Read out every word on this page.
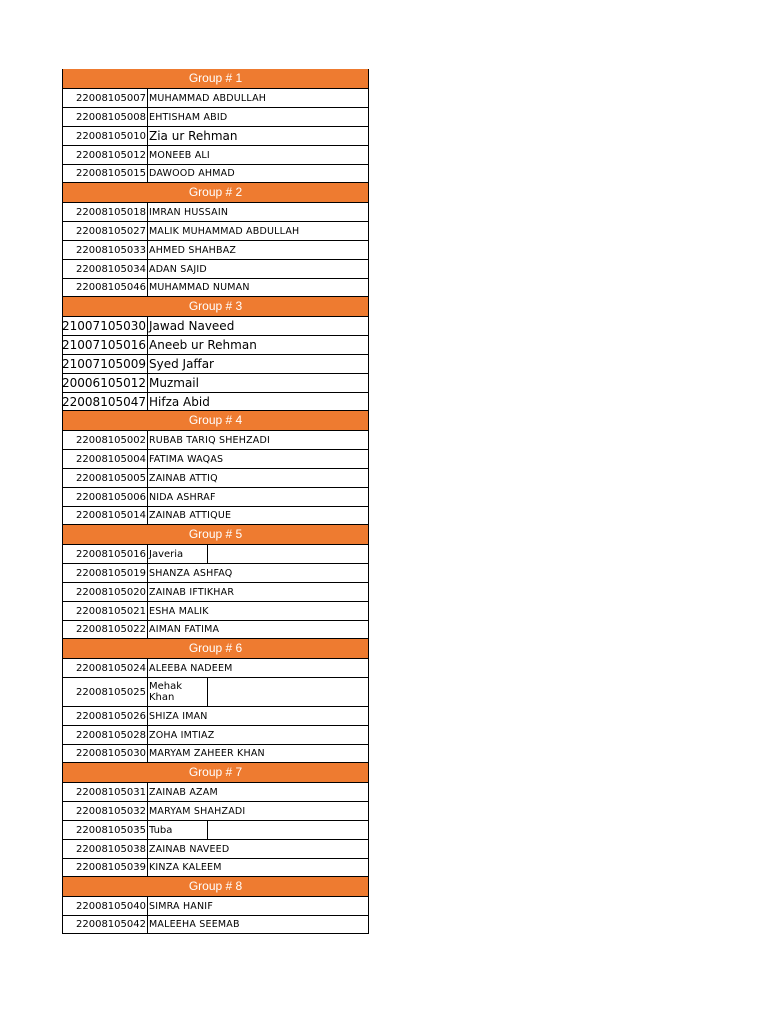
Group # 1
22008105007 MUHAMMAD ABDULLAH
22008105008 EHTISHAM ABID
22008105010 Zia ur Rehman
22008105012 MONEEB ALI
22008105015 DAWOOD AHMAD
Group # 2
22008105018 IMRAN HUSSAIN
22008105027 MALIK MUHAMMAD ABDULLAH
22008105033 AHMED SHAHBAZ
22008105034 ADAN SAJID
22008105046 MUHAMMAD NUMAN
Group # 3
21007105030 Jawad Naveed
21007105016 Aneeb ur Rehman
21007105009 Syed Jaffar
20006105012 Muzmail
22008105047 Hifza Abid
Group # 4
22008105002 RUBAB TARIQ SHEHZADI
22008105004 FATIMA WAQAS
22008105005 ZAINAB ATTIQ
22008105006 NIDA ASHRAF
22008105014 ZAINAB ATTIQUE
Group # 5
22008105016 Javeria
22008105019 SHANZA ASHFAQ
22008105020 ZAINAB IFTIKHAR
22008105021 ESHA MALIK
22008105022 AIMAN FATIMA
Group # 6
22008105024 ALEEBA NADEEM
22008105025 Mehak Khan
22008105026 SHIZA IMAN
22008105028 ZOHA IMTIAZ
22008105030 MARYAM ZAHEER KHAN
Group # 7
22008105031 ZAINAB AZAM
22008105032 MARYAM SHAHZADI
22008105035 Tuba
22008105038 ZAINAB NAVEED
22008105039 KINZA KALEEM
Group # 8
22008105040 SIMRA HANIF
22008105042 MALEEHA SEEMAB
